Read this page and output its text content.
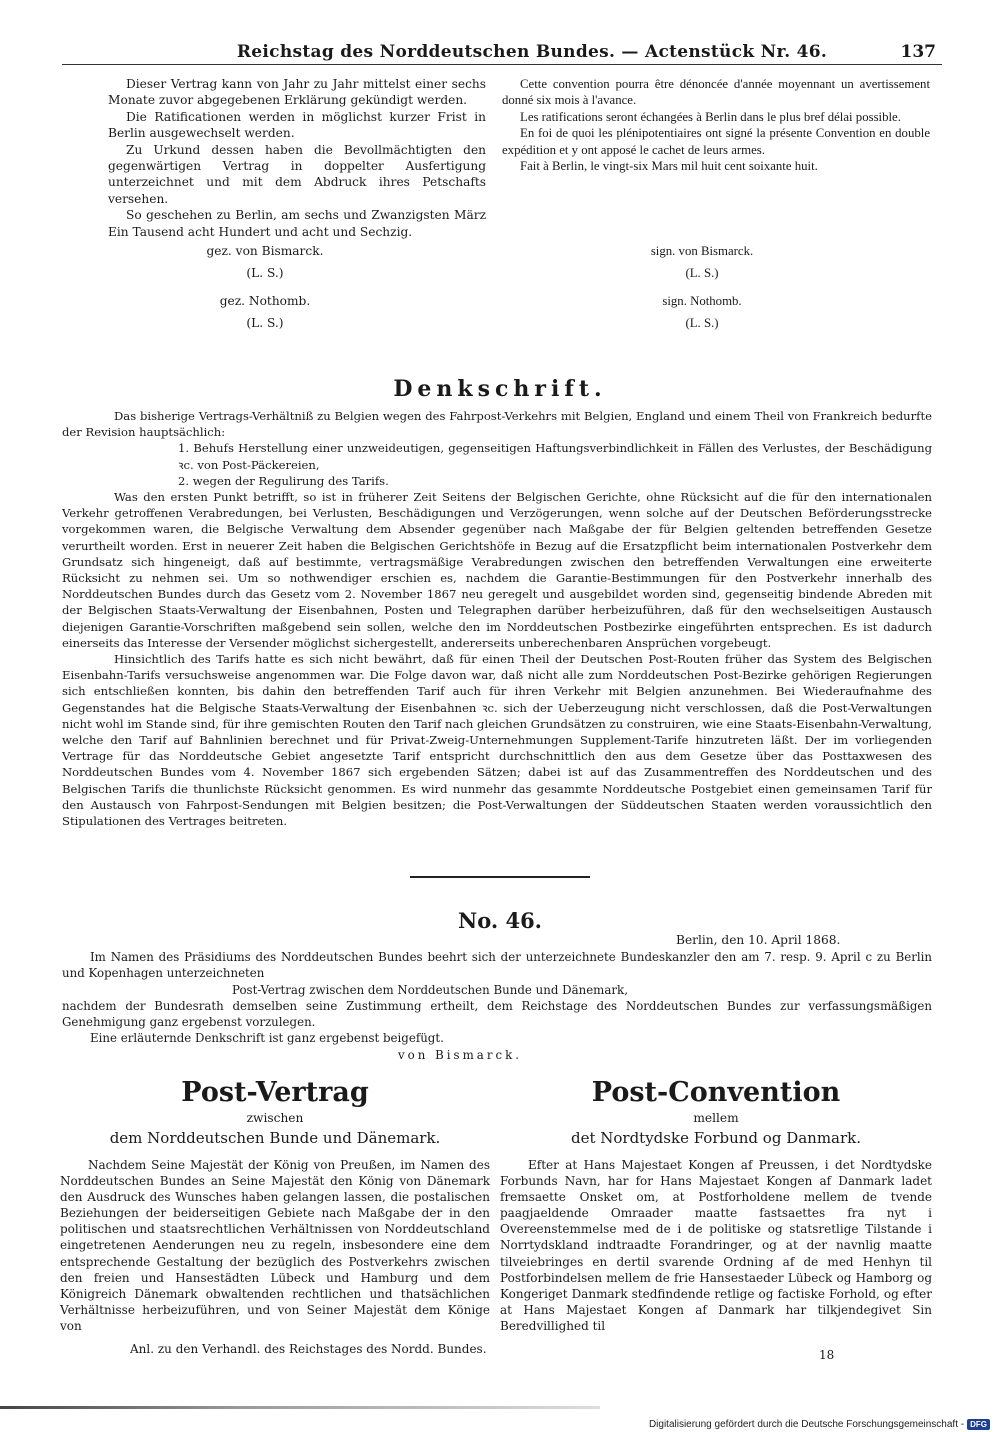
Reichstag des Norddeutschen Bundes. — Actenstück Nr. 46.	137

Dieser Vertrag kann von Jahr zu Jahr mittelst einer sechs Monate zuvor abgegebenen Erklärung gekündigt werden.

Die Ratificationen werden in möglichst kurzer Frist in Berlin ausgewechselt werden.

Zu Urkund dessen haben die Bevollmächtigten den gegenwärtigen Vertrag in doppelter Ausfertigung unterzeichnet und mit dem Abdruck ihres Petschafts versehen.

So geschehen zu Berlin, am sechs und Zwanzigsten März Ein Tausend acht Hundert und acht und Sechzig.

Cette convention pourra être dénoncée d'année moyennant un avertissement donné six mois à l'avance.

Les ratifications seront échangées à Berlin dans le plus bref délai possible.

En foi de quoi les plénipotentiaires ont signé la présente Convention en double expédition et y ont apposé le cachet de leurs armes.

Fait à Berlin, le vingt-six Mars mil huit cent soixante huit.

gez. von Bismarck.
(L. S.)
gez. Nothomb.
(L. S.)
sign. von Bismarck.
(L. S.)
sign. Nothomb.
(L. S.)
Denkschrift.

Das bisherige Vertrags-Verhältniß zu Belgien wegen des Fahrpost-Verkehrs mit Belgien, England und einem Theil von Frankreich bedurfte der Revision hauptsächlich:

1. Behufs Herstellung einer unzweideutigen, gegenseitigen Haftungsverbindlichkeit in Fällen des Verlustes, der Beschädigung ꝛc. von Post-Päckereien,

2. wegen der Regulirung des Tarifs.

Was den ersten Punkt betrifft, so ist in früherer Zeit Seitens der Belgischen Gerichte, ohne Rücksicht auf die für den internationalen Verkehr getroffenen Verabredungen, bei Verlusten, Beschädigungen und Verzögerungen, wenn solche auf der Deutschen Beförderungsstrecke vorgekommen waren, die Belgische Verwaltung dem Absender gegenüber nach Maßgabe der für Belgien geltenden betreffenden Gesetze verurtheilt worden. Erst in neuerer Zeit haben die Belgischen Gerichtshöfe in Bezug auf die Ersatzpflicht beim internationalen Postverkehr dem Grundsatz sich hingeneigt, daß auf bestimmte, vertragsmäßige Verabredungen zwischen den betreffenden Verwaltungen eine erweiterte Rücksicht zu nehmen sei. Um so nothwendiger erschien es, nachdem die Garantie-Bestimmungen für den Postverkehr innerhalb des Norddeutschen Bundes durch das Gesetz vom 2. November 1867 neu geregelt und ausgebildet worden sind, gegenseitig bindende Abreden mit der Belgischen Staats-Verwaltung der Eisenbahnen, Posten und Telegraphen darüber herbeizuführen, daß für den wechselseitigen Austausch diejenigen Garantie-Vorschriften maßgebend sein sollen, welche den im Norddeutschen Postbezirke eingeführten entsprechen. Es ist dadurch einerseits das Interesse der Versender möglichst sichergestellt, andererseits unberechenbaren Ansprüchen vorgebeugt.

Hinsichtlich des Tarifs hatte es sich nicht bewährt, daß für einen Theil der Deutschen Post-Routen früher das System des Belgischen Eisenbahn-Tarifs versuchsweise angenommen war. Die Folge davon war, daß nicht alle zum Norddeutschen Post-Bezirke gehörigen Regierungen sich entschließen konnten, bis dahin den betreffenden Tarif auch für ihren Verkehr mit Belgien anzunehmen. Bei Wiederaufnahme des Gegenstandes hat die Belgische Staats-Verwaltung der Eisenbahnen ꝛc. sich der Ueberzeugung nicht verschlossen, daß die Post-Verwaltungen nicht wohl im Stande sind, für ihre gemischten Routen den Tarif nach gleichen Grundsätzen zu construiren, wie eine Staats-Eisenbahn-Verwaltung, welche den Tarif auf Bahnlinien berechnet und für Privat-Zweig-Unternehmungen Supplement-Tarife hinzutreten läßt. Der im vorliegenden Vertrage für das Norddeutsche Gebiet angesetzte Tarif entspricht durchschnittlich den aus dem Gesetze über das Posttaxwesen des Norddeutschen Bundes vom 4. November 1867 sich ergebenden Sätzen; dabei ist auf das Zusammentreffen des Norddeutschen und des Belgischen Tarifs die thunlichste Rücksicht genommen. Es wird nunmehr das gesammte Norddeutsche Postgebiet einen gemeinsamen Tarif für den Austausch von Fahrpost-Sendungen mit Belgien besitzen; die Post-Verwaltungen der Süddeutschen Staaten werden voraussichtlich den Stipulationen des Vertrages beitreten.

No. 46.
Berlin, den 10. April 1868.

Im Namen des Präsidiums des Norddeutschen Bundes beehrt sich der unterzeichnete Bundeskanzler den am 7. resp. 9. April c zu Berlin und Kopenhagen unterzeichneten

Post-Vertrag zwischen dem Norddeutschen Bunde und Dänemark,

nachdem der Bundesrath demselben seine Zustimmung ertheilt, dem Reichstage des Norddeutschen Bundes zur verfassungsmäßigen Genehmigung ganz ergebenst vorzulegen.

Eine erläuternde Denkschrift ist ganz ergebenst beigefügt.

von Bismarck.

Post-Vertrag
zwischen
dem Norddeutschen Bunde und Dänemark.

Nachdem Seine Majestät der König von Preußen, im Namen des Norddeutschen Bundes an Seine Majestät den König von Dänemark den Ausdruck des Wunsches haben gelangen lassen, die postalischen Beziehungen der beiderseitigen Gebiete nach Maßgabe der in den politischen und staatsrechtlichen Verhältnissen von Norddeutschland eingetretenen Aenderungen neu zu regeln, insbesondere eine dem entsprechende Gestaltung der bezüglich des Postverkehrs zwischen den freien und Hansestädten Lübeck und Hamburg und dem Königreich Dänemark obwaltenden rechtlichen und thatsächlichen Verhältnisse herbeizuführen, und von Seiner Majestät dem Könige von

Post-Convention
mellem
det Nordtydske Forbund og Danmark.

Efter at Hans Majestaet Kongen af Preussen, i det Nordtydske Forbunds Navn, har for Hans Majestaet Kongen af Danmark ladet fremsaette Onsket om, at Postforholdene mellem de tvende paagjaeldende Omraader maatte fastsaettes fra nyt i Overeenstemmelse med de i de politiske og statsretlige Tilstande i Norrtydskland indtraadte Forandringer, og at der navnlig maatte tilveiebringes en dertil svarende Ordning af de med Henhyn til Postforbindelsen mellem de frie Hansestaeder Lübeck og Hamborg og Kongeriget Danmark stedfindende retlige og factiske Forhold, og efter at Hans Majestaet Kongen af Danmark har tilkjendegivet Sin Beredvillighed til

Anl. zu den Verhandl. des Reichstages des Nordd. Bundes.	18
Digitalisierung gefördert durch die Deutsche Forschungsgemeinschaft - DFG
